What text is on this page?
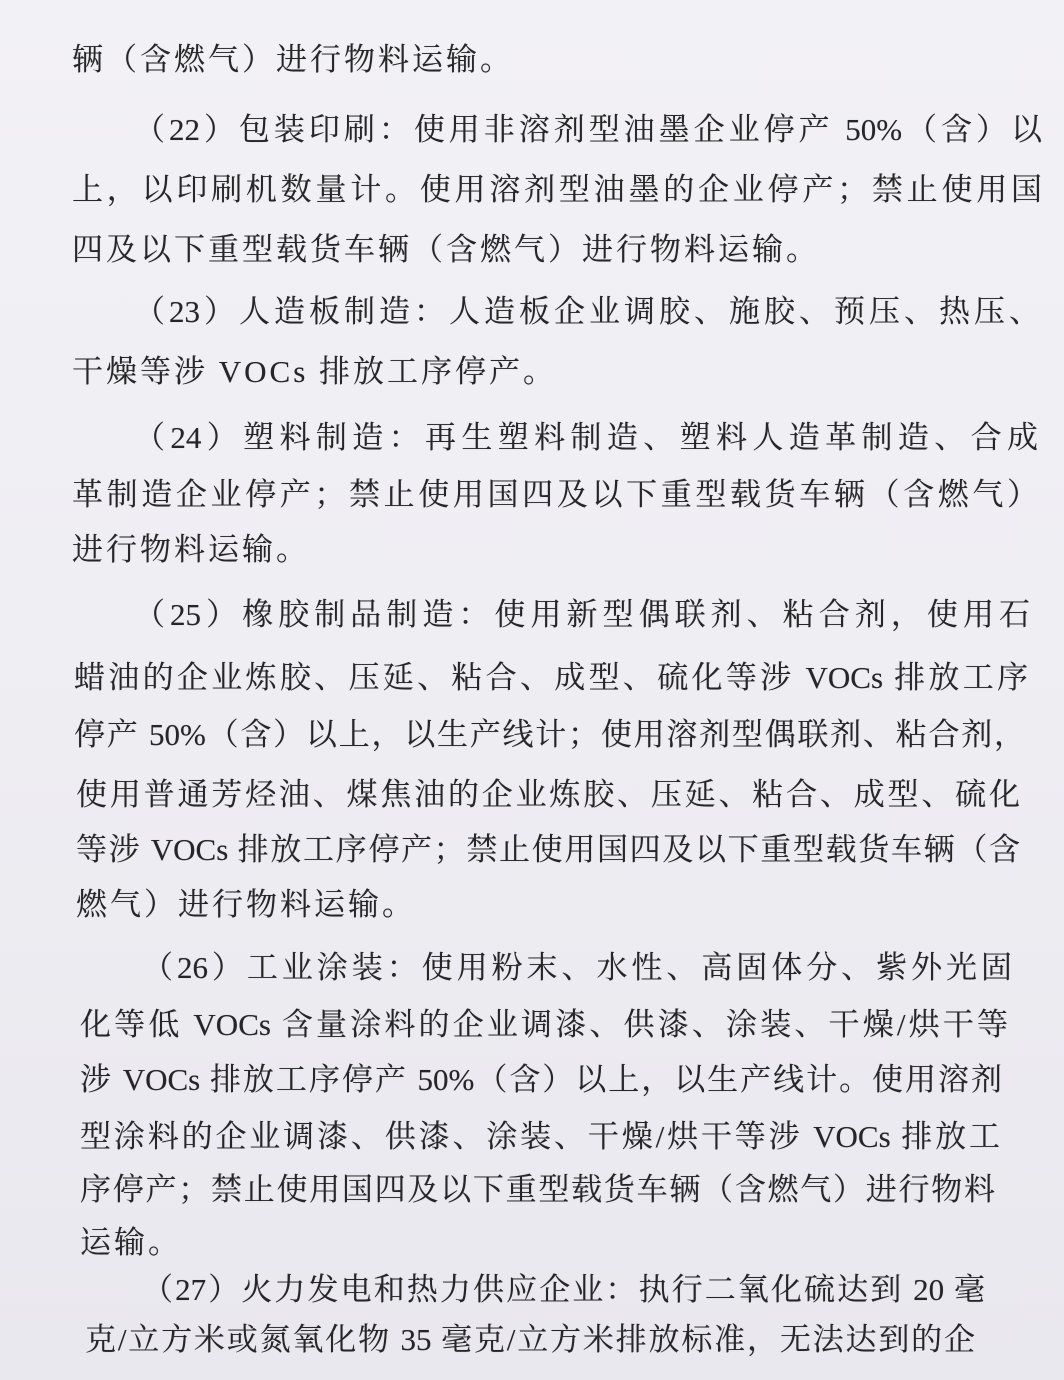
辆（含燃气）进行物料运输。
（22）包装印刷：使用非溶剂型油墨企业停产 50%（含）以
上，以印刷机数量计。使用溶剂型油墨的企业停产；禁止使用国
四及以下重型载货车辆（含燃气）进行物料运输。
（23）人造板制造：人造板企业调胶、施胶、预压、热压、
干燥等涉 VOCs 排放工序停产。
（24）塑料制造：再生塑料制造、塑料人造革制造、合成
革制造企业停产；禁止使用国四及以下重型载货车辆（含燃气）
进行物料运输。
（25）橡胶制品制造：使用新型偶联剂、粘合剂，使用石
蜡油的企业炼胶、压延、粘合、成型、硫化等涉 VOCs 排放工序
停产 50%（含）以上，以生产线计；使用溶剂型偶联剂、粘合剂，
使用普通芳烃油、煤焦油的企业炼胶、压延、粘合、成型、硫化
等涉 VOCs 排放工序停产；禁止使用国四及以下重型载货车辆（含
燃气）进行物料运输。
（26）工业涂装：使用粉末、水性、高固体分、紫外光固
化等低 VOCs 含量涂料的企业调漆、供漆、涂装、干燥/烘干等
涉 VOCs 排放工序停产 50%（含）以上，以生产线计。使用溶剂
型涂料的企业调漆、供漆、涂装、干燥/烘干等涉 VOCs 排放工
序停产；禁止使用国四及以下重型载货车辆（含燃气）进行物料
运输。
（27）火力发电和热力供应企业：执行二氧化硫达到 20 毫
克/立方米或氮氧化物 35 毫克/立方米排放标准，无法达到的企
